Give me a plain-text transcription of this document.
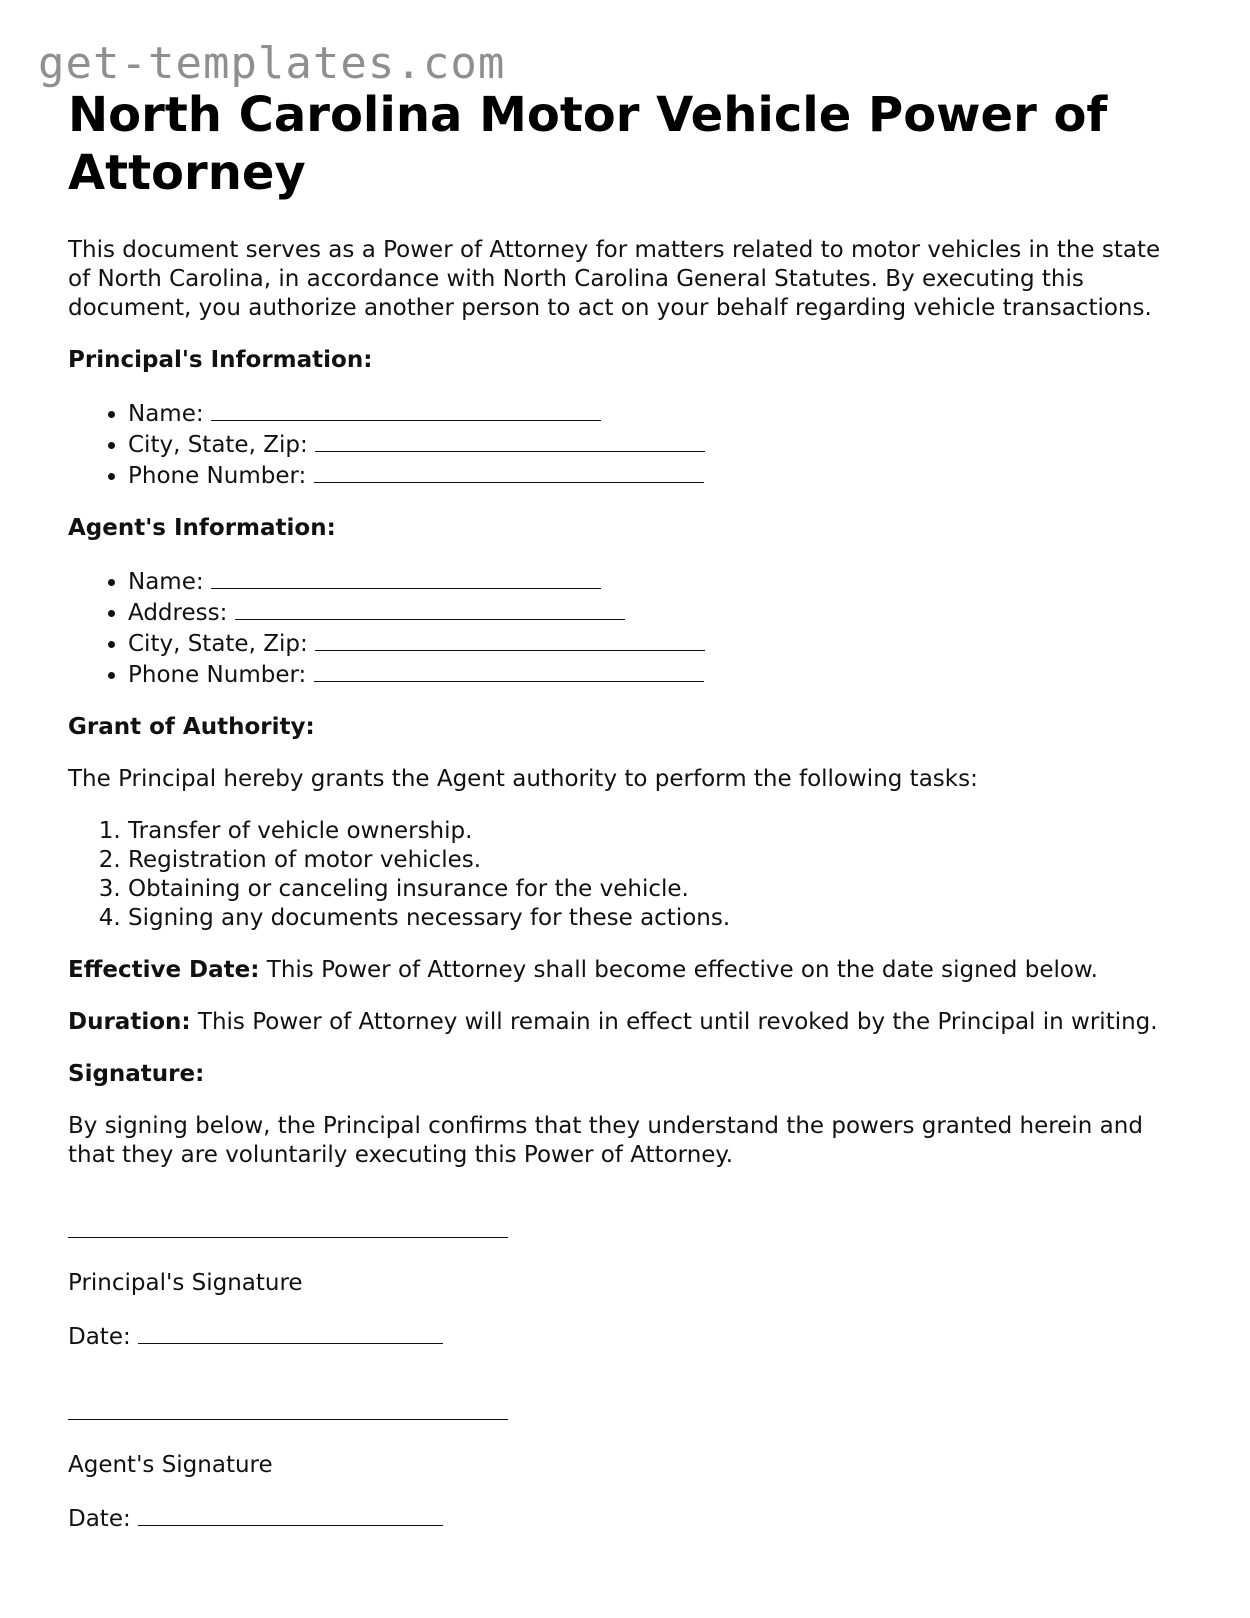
get-templates.com
North Carolina Motor Vehicle Power of Attorney

This document serves as a Power of Attorney for matters related to motor vehicles in the state of North Carolina, in accordance with North Carolina General Statutes. By executing this document, you authorize another person to act on your behalf regarding vehicle transactions.

Principal's Information:

• Name:
• City, State, Zip:
• Phone Number:

Agent's Information:

• Name:
• Address:
• City, State, Zip:
• Phone Number:

Grant of Authority:

The Principal hereby grants the Agent authority to perform the following tasks:

1. Transfer of vehicle ownership.
2. Registration of motor vehicles.
3. Obtaining or canceling insurance for the vehicle.
4. Signing any documents necessary for these actions.

Effective Date: This Power of Attorney shall become effective on the date signed below.

Duration: This Power of Attorney will remain in effect until revoked by the Principal in writing.

Signature:

By signing below, the Principal confirms that they understand the powers granted herein and that they are voluntarily executing this Power of Attorney.

Principal's Signature

Date:

Agent's Signature

Date:
